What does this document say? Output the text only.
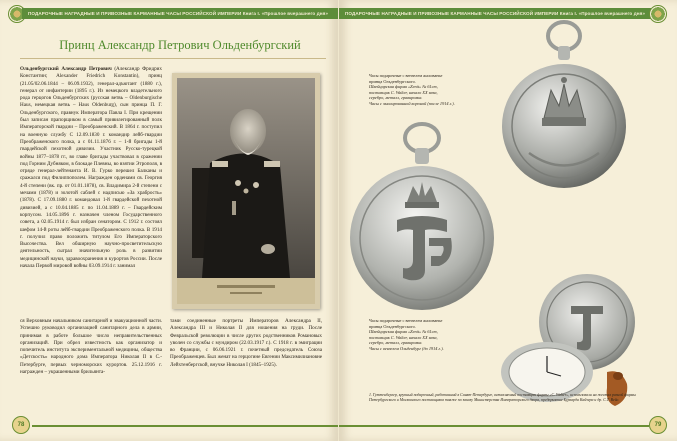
ПОДАРОЧНЫЕ НАГРАДНЫЕ И ПРИВОЗНЫЕ КАРМАННЫЕ ЧАСЫ РОССИЙСКОЙ ИМПЕРИИ Книга I. «Прошлое вчерашнего дня»
Принц Александр Петрович Ольденбургский
Ольденбургский Александр Петрович (Александр Фридрих Константин; Alexander Friedrich Konstantin), принц (21.05/02.06.1844 – 06.09.1932), генерал-адъютант (1880 г.), генерал от инфантерии (1895 г.). Из немецкого владетельного рода герцогов Ольденбургских (русская ветвь – Oldenburgische Haus, немецкая ветвь – Haus Oldenburg), сын принца П. Г. Ольденбургского, правнук Императора Павла I. При крещении был записан прапорщиком в самый привилегированный полк Императорской гвардии – Преображенский. В 1864 г. поступил на военную службу С 12.09.1830 г. командир лейб-гвардии Преображенского полка, а с 01.11.1876 г. – 1-й бригады 1-й гвардейской пехотной дивизии. Участник Русско-турецкой войны 1877–1878 гг., во главе бригады участвовал в сражении под Горним Дубняком, в блокаде Плевны, во взятии Этрополя, в отряде генерал-лейтенанта И. В. Гурко перешел Балканы и сражался под Филиппополем. Награжден орденами св. Георгия 4-й степени (вк. пр. от 01.01.1878), св. Владимира 2-й степени с мечами (1878) и золотой саблей с надписью «За храбрость» (1878). С 17.09.1880 г. командовал 1-й гвардейской пехотной дивизией, а с 10.04.1885 г. по 11.04.1889 г. – Гвардейским корпусом. 14.05.1896 г. назначен членом Государственного совета, а 02.05.1914 г. был избран сенатором. С 1912 г. состоял шефом 14-й роты лейб-гвардии Преображенского полка. В 1914 г. получил право положить титулом Его Императорского Высочества. Вел обширную научно-просветительскую деятельность, сыграл значительную роль в развитии медицинской науки, здравоохранения и курортов России. После начала Первой мировой войны 03.09.1914 г. занимал
ся Верховным начальником санитарной и эвакуационной части. Успешно руководил организацией санитарного дела в армии, принимая в работе большое число неправительственных организаций. При обрел известность как организатор и попечитель института экспериментальной медицины, общества «Детскость» народного дома Императора Николая II в С.-Петербурге, первых черноморских курортов. 25.12.1916 г. награжден – украшенными брильянта-
тами соединенные портреты Императоров Александра II, Александра III и Николая II для ношения на груди. После Февральской революции в числе других родственников Романовых уволен со службы с мундиром (22.03.1917 г.). С 1918 г. в эмиграции во Франции, с 06.06.1921 г. почетный председатель Союза Преображенцев. Был женат на герцогине Евгении Максимилиановне Лейхтенбергской, внучке Николая I (1845–1925).
78
ПОДАРОЧНЫЕ НАГРАДНЫЕ И ПРИВОЗНЫЕ КАРМАННЫЕ ЧАСЫ РОССИЙСКОЙ ИМПЕРИИ Книга I. «Прошлое вчерашнего дня»
Часы подарочные с вензелем жалованье
принца Ольденбургского.
Швейцарская фирма «Zenit» № 61ст,
поставщик С. Walter, начало XX века,
серебро, металл, гравировка.
Часы с эмалированной короной (после 1914 г.).
Часы подарочные с вензелем жалованье
принца Ольденбургского.
Швейцарская фирма «Zenit» № 61ст,
поставщик С. Walter, начало XX века,
серебро, металл, гравировка.
Часы с вензелем Ольденбург (до 1914 г.).
1. Гуттенбергер, крупный подарочный, работавший в Санкт-Петербурге, вставляемый поставщик фирмы «С. Walter», использовали на жестах разной фирмы Петербургского и Московского поставщиков также по заказу Министерства Императорского двора, предприятие Бурхарда Кайзера и др. С.Т. Вейс.
79
